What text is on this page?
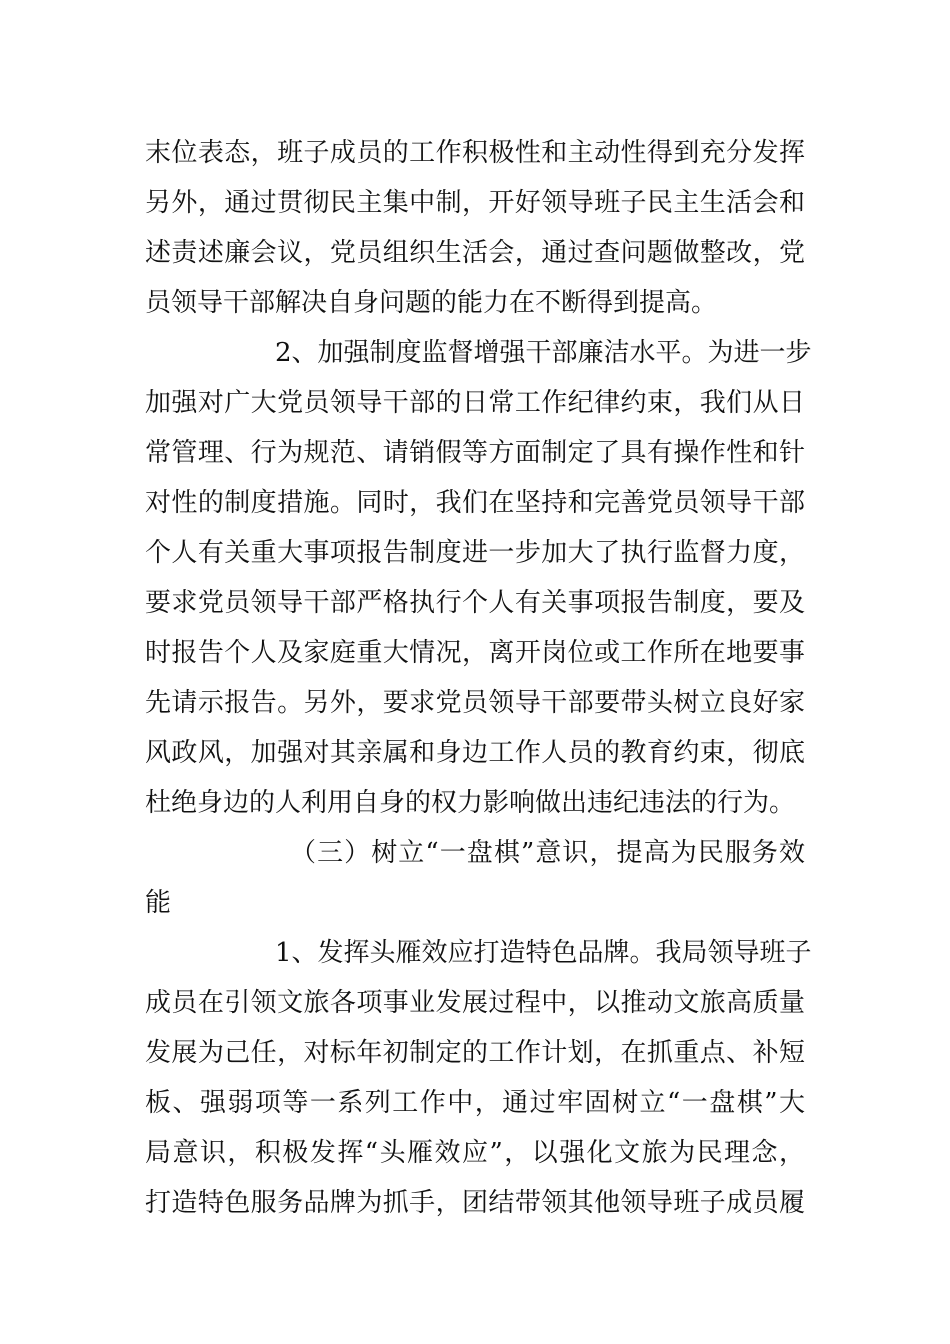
末位表态，班子成员的工作积极性和主动性得到充分发挥
另外，通过贯彻民主集中制，开好领导班子民主生活会和
述责述廉会议，党员组织生活会，通过查问题做整改，党
员领导干部解决自身问题的能力在不断得到提高。
2、加强制度监督增强干部廉洁水平。为进一步
加强对广大党员领导干部的日常工作纪律约束，我们从日
常管理、行为规范、请销假等方面制定了具有操作性和针
对性的制度措施。同时，我们在坚持和完善党员领导干部
个人有关重大事项报告制度进一步加大了执行监督力度，
要求党员领导干部严格执行个人有关事项报告制度，要及
时报告个人及家庭重大情况，离开岗位或工作所在地要事
先请示报告。另外，要求党员领导干部要带头树立良好家
风政风，加强对其亲属和身边工作人员的教育约束，彻底
杜绝身边的人利用自身的权力影响做出违纪违法的行为。
（三）树立“一盘棋”意识，提高为民服务效
能
1、发挥头雁效应打造特色品牌。我局领导班子
成员在引领文旅各项事业发展过程中，以推动文旅高质量
发展为己任，对标年初制定的工作计划，在抓重点、补短
板、强弱项等一系列工作中，通过牢固树立“一盘棋”大
局意识，积极发挥“头雁效应”，以强化文旅为民理念，
打造特色服务品牌为抓手，团结带领其他领导班子成员履
